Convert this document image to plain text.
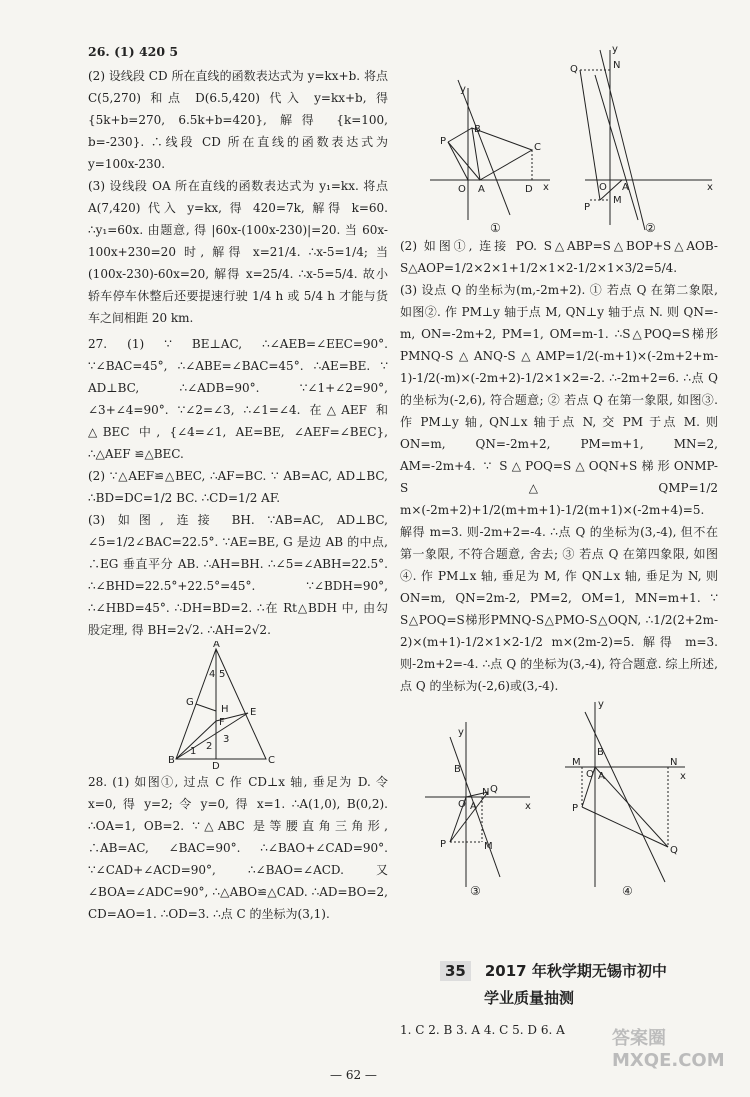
26. (1) 420 5

(2) 设线段 CD 所在直线的函数表达式为 y=kx+b. 将点 C(5,270) 和点 D(6.5,420) 代入 y=kx+b, 得 {5k+b=270, 6.5k+b=420}, 解得 {k=100, b=-230}. ∴线段 CD 所在直线的函数表达式为 y=100x-230.

(3) 设线段 OA 所在直线的函数表达式为 y₁=kx. 将点 A(7,420) 代入 y=kx, 得 420=7k, 解得 k=60. ∴y₁=60x. 由题意, 得 |60x-(100x-230)|=20. 当 60x-100x+230=20 时, 解得 x=21/4. ∴x-5=1/4; 当 (100x-230)-60x=20, 解得 x=25/4. ∴x-5=5/4. 故小轿车停车休整后还要提速行驶 1/4 h 或 5/4 h 才能与货车之间相距 20 km.

27. (1) ∵ BE⊥AC, ∴∠AEB=∠EEC=90°. ∵∠BAC=45°, ∴∠ABE=∠BAC=45°. ∴AE=BE. ∵ AD⊥BC, ∴∠ADB=90°. ∵∠1+∠2=90°, ∠3+∠4=90°. ∵∠2=∠3, ∴∠1=∠4. 在△AEF 和△BEC 中, {∠4=∠1, AE=BE, ∠AEF=∠BEC}, ∴△AEF ≌△BEC.

(2) ∵△AEF≌△BEC, ∴AF=BC. ∵ AB=AC, AD⊥BC, ∴BD=DC=1/2 BC. ∴CD=1/2 AF.

(3) 如图, 连接 BH. ∵AB=AC, AD⊥BC, ∠5=1/2∠BAC=22.5°. ∵AE=BE, G 是边 AB 的中点, ∴EG 垂直平分 AB. ∴AH=BH. ∴∠5=∠ABH=22.5°. ∴∠BHD=22.5°+22.5°=45°. ∵∠BDH=90°, ∴∠HBD=45°. ∴DH=BD=2. ∴在 Rt△BDH 中, 由勾股定理, 得 BH=2√2. ∴AH=2√2.

A
B	C
D
E
F
G
H
4 5
2
1
3

28. (1) 如图①, 过点 C 作 CD⊥x 轴, 垂足为 D. 令 x=0, 得 y=2; 令 y=0, 得 x=1. ∴A(1,0), B(0,2). ∴OA=1, OB=2. ∵△ABC 是等腰直角三角形, ∴AB=AC, ∠BAC=90°. ∴∠BAO+∠CAD=90°. ∵∠CAD+∠ACD=90°, ∴∠BAO=∠ACD. 又∠BOA=∠ADC=90°, ∴△ABO≌△CAD. ∴AD=BO=2, CD=AO=1. ∴OD=3. ∴点 C 的坐标为(3,1).

y
x
O A
B
C
D
P
y
x
O A
N
Q
M
P
①	②

(2) 如图①, 连接 PO. S△ABP=S△BOP+S△AOB-S△AOP=1/2×2×1+1/2×1×2-1/2×1×3/2=5/4.

(3) 设点 Q 的坐标为(m,-2m+2). ① 若点 Q 在第二象限, 如图②. 作 PM⊥y 轴于点 M, QN⊥y 轴于点 N. 则 QN=-m, ON=-2m+2, PM=1, OM=m-1. ∴S△POQ=S梯形PMNQ-S△ANQ-S△AMP=1/2(-m+1)×(-2m+2+m-1)-1/2(-m)×(-2m+2)-1/2×1×2=-2. ∴-2m+2=6. ∴点 Q 的坐标为(-2,6), 符合题意; ② 若点 Q 在第一象限, 如图③. 作 PM⊥y 轴, QN⊥x 轴于点 N, 交 PM 于点 M. 则 ON=m, QN=-2m+2, PM=m+1, MN=2, AM=-2m+4. ∵ S△POQ=S△OQN+S梯形ONMP-S△QMP=1/2 m×(-2m+2)+1/2(m+m+1)-1/2(m+1)×(-2m+4)=5. 解得 m=3. 则-2m+2=-4. ∴点 Q 的坐标为(3,-4), 但不在第一象限, 不符合题意, 舍去; ③ 若点 Q 在第四象限, 如图④. 作 PM⊥x 轴, 垂足为 M, 作 QN⊥x 轴, 垂足为 N, 则 ON=m, QN=2m-2, PM=2, OM=1, MN=m+1. ∵ S△POQ=S梯形PMNQ-S△PMO-S△OQN, ∴1/2(2+2m-2)×(m+1)-1/2×1×2-1/2 m×(2m-2)=5. 解得 m=3. 则-2m+2=-4. ∴点 Q 的坐标为(3,-4), 符合题意. 综上所述, 点 Q 的坐标为(-2,6)或(3,-4).

y
x
O A
B
Q
N
M
P
y
x
A
O
M	N
B
P
Q
③	④
35 2017 年秋学期无锡市初中
学业质量抽测
1. C 2. B 3. A 4. C 5. D 6. A
— 62 —
答案圈 MXQE.COM
